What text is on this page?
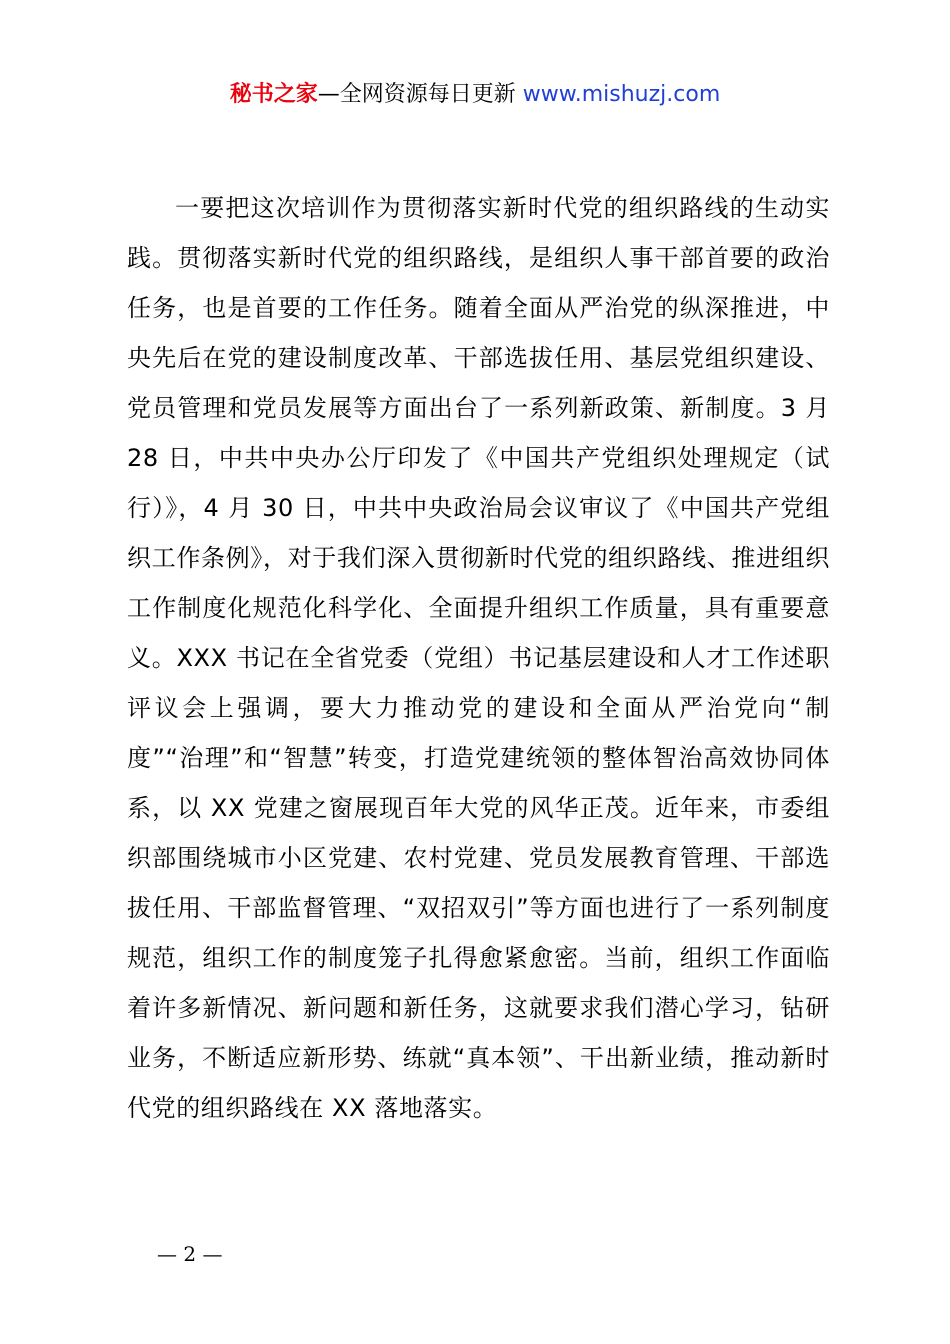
秘书之家—全网资源每日更新 www.mishuzj.com

一要把这次培训作为贯彻落实新时代党的组织路线的生动实践。贯彻落实新时代党的组织路线，是组织人事干部首要的政治任务，也是首要的工作任务。随着全面从严治党的纵深推进，中央先后在党的建设制度改革、干部选拔任用、基层党组织建设、党员管理和党员发展等方面出台了一系列新政策、新制度。3 月 28 日，中共中央办公厅印发了《中国共产党组织处理规定（试行）》，4 月 30 日，中共中央政治局会议审议了《中国共产党组织工作条例》，对于我们深入贯彻新时代党的组织路线、推进组织工作制度化规范化科学化、全面提升组织工作质量，具有重要意义。XXX 书记在全省党委（党组）书记基层建设和人才工作述职评议会上强调，要大力推动党的建设和全面从严治党向“制度”“治理”和“智慧”转变，打造党建统领的整体智治高效协同体系，以 XX 党建之窗展现百年大党的风华正茂。近年来，市委组织部围绕城市小区党建、农村党建、党员发展教育管理、干部选拔任用、干部监督管理、“双招双引”等方面也进行了一系列制度规范，组织工作的制度笼子扎得愈紧愈密。当前，组织工作面临着许多新情况、新问题和新任务，这就要求我们潜心学习，钻研业务，不断适应新形势、练就“真本领”、干出新业绩，推动新时代党的组织路线在 XX 落地落实。

— 2 —
